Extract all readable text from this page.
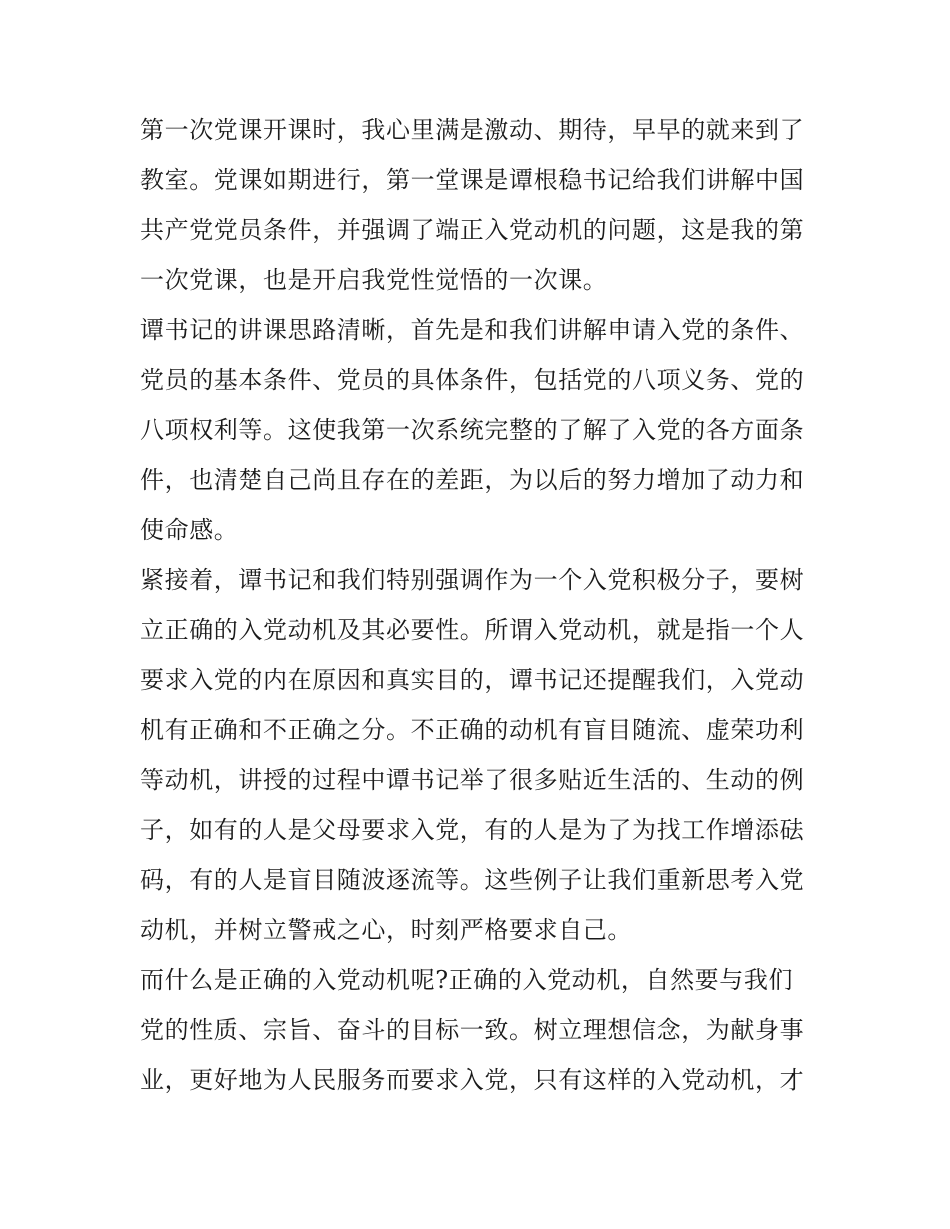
第一次党课开课时，我心里满是激动、期待，早早的就来到了
教室。党课如期进行，第一堂课是谭根稳书记给我们讲解中国
共产党党员条件，并强调了端正入党动机的问题，这是我的第
一次党课，也是开启我党性觉悟的一次课。
谭书记的讲课思路清晰，首先是和我们讲解申请入党的条件、
党员的基本条件、党员的具体条件，包括党的八项义务、党的
八项权利等。这使我第一次系统完整的了解了入党的各方面条
件，也清楚自己尚且存在的差距，为以后的努力增加了动力和
使命感。
紧接着，谭书记和我们特别强调作为一个入党积极分子，要树
立正确的入党动机及其必要性。所谓入党动机，就是指一个人
要求入党的内在原因和真实目的，谭书记还提醒我们，入党动
机有正确和不正确之分。不正确的动机有盲目随流、虚荣功利
等动机，讲授的过程中谭书记举了很多贴近生活的、生动的例
子，如有的人是父母要求入党，有的人是为了为找工作增添砝
码，有的人是盲目随波逐流等。这些例子让我们重新思考入党
动机，并树立警戒之心，时刻严格要求自己。
而什么是正确的入党动机呢?正确的入党动机，自然要与我们
党的性质、宗旨、奋斗的目标一致。树立理想信念，为献身事
业，更好地为人民服务而要求入党，只有这样的入党动机，才
